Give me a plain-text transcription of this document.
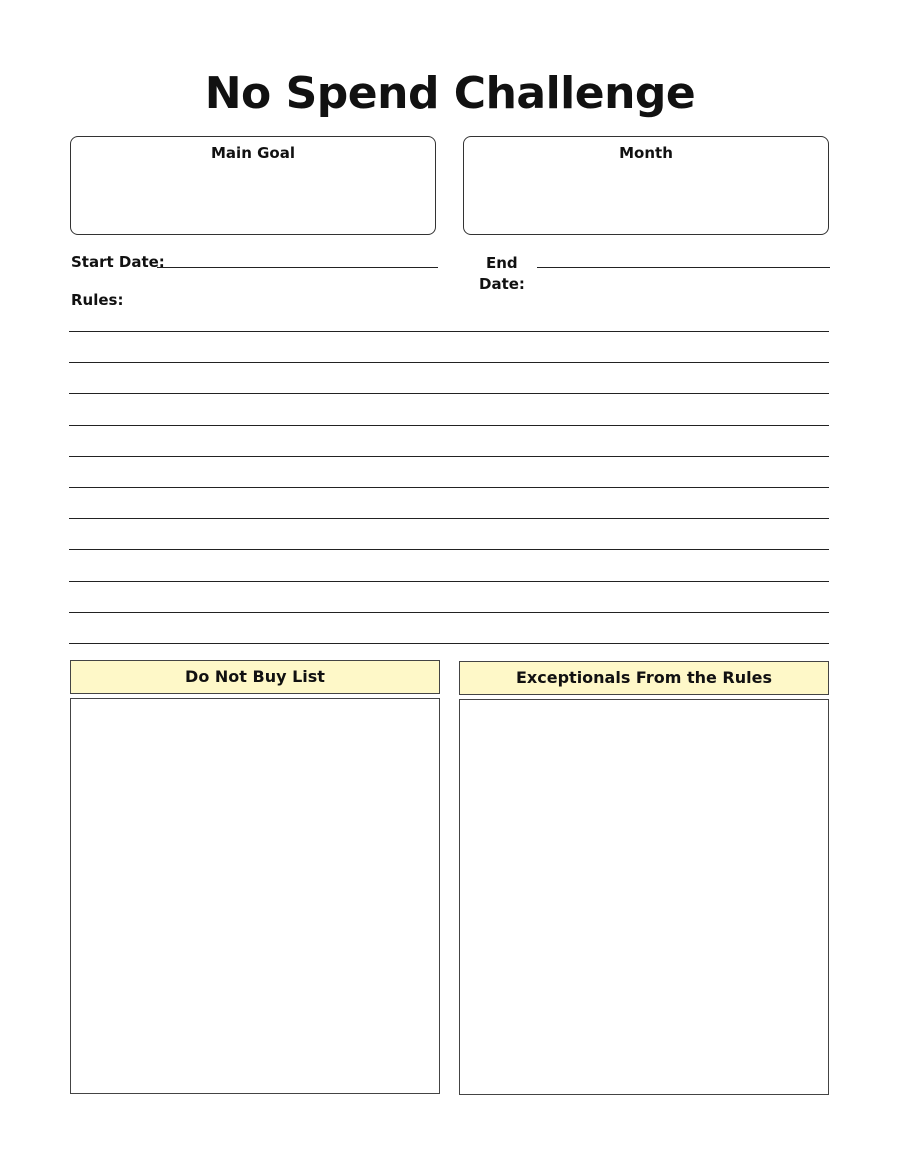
No Spend Challenge
Main Goal	Month
Start Date:	End
Date:
Rules:
Do Not Buy List	Exceptionals From the Rules
